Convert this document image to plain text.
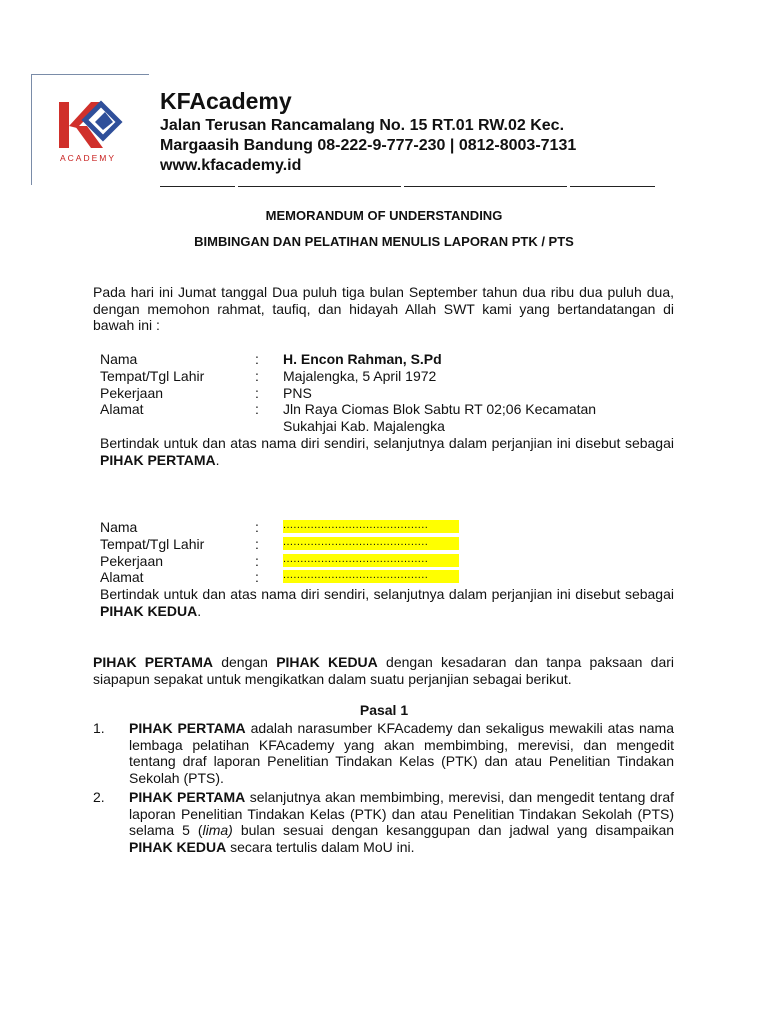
ACADEMY
KFAcademy
Jalan Terusan Rancamalang No. 15 RT.01 RW.02 Kec.
Margaasih Bandung 08-222-9-777-230 | 0812-8003-7131
www.kfacademy.id
MEMORANDUM OF UNDERSTANDING
BIMBINGAN DAN PELATIHAN MENULIS LAPORAN PTK / PTS
Pada hari ini Jumat tanggal Dua puluh tiga bulan September tahun dua ribu dua puluh dua, dengan memohon rahmat, taufiq, dan hidayah Allah SWT kami yang bertandatangan di bawah ini :
Nama	: H. Encon Rahman, S.Pd
Tempat/Tgl Lahir	: Majalengka, 5 April 1972
Pekerjaan	: PNS
Alamat	: Jln Raya Ciomas Blok Sabtu RT 02;06 Kecamatan
Sukahjai Kab. Majalengka
Bertindak untuk dan atas nama diri sendiri, selanjutnya dalam perjanjian ini disebut sebagai PIHAK PERTAMA.
Nama	: ..........................................
Tempat/Tgl Lahir	: ..........................................
Pekerjaan	: ..........................................
Alamat	: ..........................................
Bertindak untuk dan atas nama diri sendiri, selanjutnya dalam perjanjian ini disebut sebagai PIHAK KEDUA.
PIHAK PERTAMA dengan PIHAK KEDUA dengan kesadaran dan tanpa paksaan dari siapapun sepakat untuk mengikatkan dalam suatu perjanjian sebagai berikut.
Pasal 1
1. PIHAK PERTAMA adalah narasumber KFAcademy dan sekaligus mewakili atas nama lembaga pelatihan KFAcademy yang akan membimbing, merevisi, dan mengedit tentang draf laporan Penelitian Tindakan Kelas (PTK) dan atau Penelitian Tindakan Sekolah (PTS).
2. PIHAK PERTAMA selanjutnya akan membimbing, merevisi, dan mengedit tentang draf laporan Penelitian Tindakan Kelas (PTK) dan atau Penelitian Tindakan Sekolah (PTS) selama 5 (lima) bulan sesuai dengan kesanggupan dan jadwal yang disampaikan PIHAK KEDUA secara tertulis dalam MoU ini.
